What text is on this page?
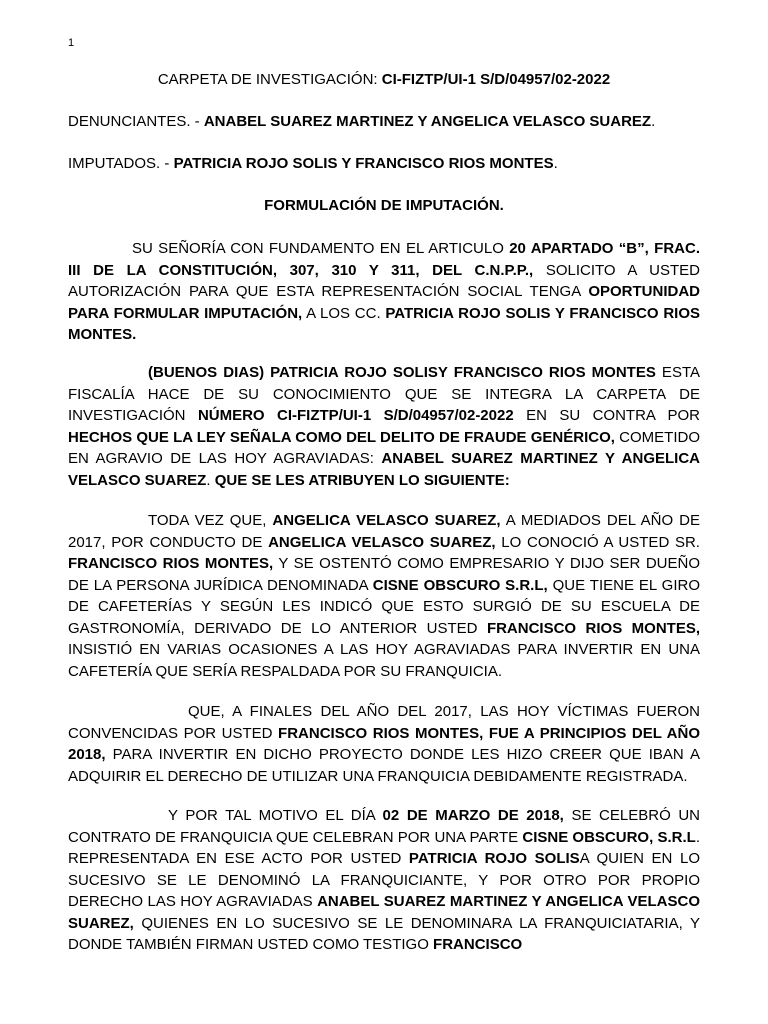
1
CARPETA DE INVESTIGACIÓN: CI-FIZTP/UI-1 S/D/04957/02-2022
DENUNCIANTES. - ANABEL SUAREZ MARTINEZ Y ANGELICA VELASCO SUAREZ.
IMPUTADOS. - PATRICIA ROJO SOLIS Y FRANCISCO RIOS MONTES.
FORMULACIÓN DE IMPUTACIÓN.
SU SEÑORÍA CON FUNDAMENTO EN EL ARTICULO 20 APARTADO “B”, FRAC. III DE LA CONSTITUCIÓN, 307, 310 Y 311, DEL C.N.P.P., SOLICITO A USTED AUTORIZACIÓN PARA QUE ESTA REPRESENTACIÓN SOCIAL TENGA OPORTUNIDAD PARA FORMULAR IMPUTACIÓN, A LOS CC. PATRICIA ROJO SOLIS Y FRANCISCO RIOS MONTES.
(BUENOS DIAS) PATRICIA ROJO SOLISY FRANCISCO RIOS MONTES ESTA FISCALÍA HACE DE SU CONOCIMIENTO QUE SE INTEGRA LA CARPETA DE INVESTIGACIÓN NÚMERO CI-FIZTP/UI-1 S/D/04957/02-2022 EN SU CONTRA POR HECHOS QUE LA LEY SEÑALA COMO DEL DELITO DE FRAUDE GENÉRICO, COMETIDO EN AGRAVIO DE LAS HOY AGRAVIADAS: ANABEL SUAREZ MARTINEZ Y ANGELICA VELASCO SUAREZ. QUE SE LES ATRIBUYEN LO SIGUIENTE:
TODA VEZ QUE, ANGELICA VELASCO SUAREZ, A MEDIADOS DEL AÑO DE 2017, POR CONDUCTO DE ANGELICA VELASCO SUAREZ, LO CONOCIÓ A USTED SR. FRANCISCO RIOS MONTES, Y SE OSTENTÓ COMO EMPRESARIO Y DIJO SER DUEÑO DE LA PERSONA JURÍDICA DENOMINADA CISNE OBSCURO S.R.L, QUE TIENE EL GIRO DE CAFETERÍAS Y SEGÚN LES INDICÓ QUE ESTO SURGIÓ DE SU ESCUELA DE GASTRONOMÍA, DERIVADO DE LO ANTERIOR USTED FRANCISCO RIOS MONTES, INSISTIÓ EN VARIAS OCASIONES A LAS HOY AGRAVIADAS PARA INVERTIR EN UNA CAFETERÍA QUE SERÍA RESPALDADA POR SU FRANQUICIA.
QUE, A FINALES DEL AÑO DEL 2017, LAS HOY VÍCTIMAS FUERON CONVENCIDAS POR USTED FRANCISCO RIOS MONTES, FUE A PRINCIPIOS DEL AÑO 2018, PARA INVERTIR EN DICHO PROYECTO DONDE LES HIZO CREER QUE IBAN A ADQUIRIR EL DERECHO DE UTILIZAR UNA FRANQUICIA DEBIDAMENTE REGISTRADA.
Y POR TAL MOTIVO EL DÍA 02 DE MARZO DE 2018, SE CELEBRÓ UN CONTRATO DE FRANQUICIA QUE CELEBRAN POR UNA PARTE CISNE OBSCURO, S.R.L. REPRESENTADA EN ESE ACTO POR USTED PATRICIA ROJO SOLISA QUIEN EN LO SUCESIVO SE LE DENOMINÓ LA FRANQUICIANTE, Y POR OTRO POR PROPIO DERECHO LAS HOY AGRAVIADAS ANABEL SUAREZ MARTINEZ Y ANGELICA VELASCO SUAREZ, QUIENES EN LO SUCESIVO SE LE DENOMINARA LA FRANQUICIATARIA, Y DONDE TAMBIÉN FIRMAN USTED COMO TESTIGO FRANCISCO
